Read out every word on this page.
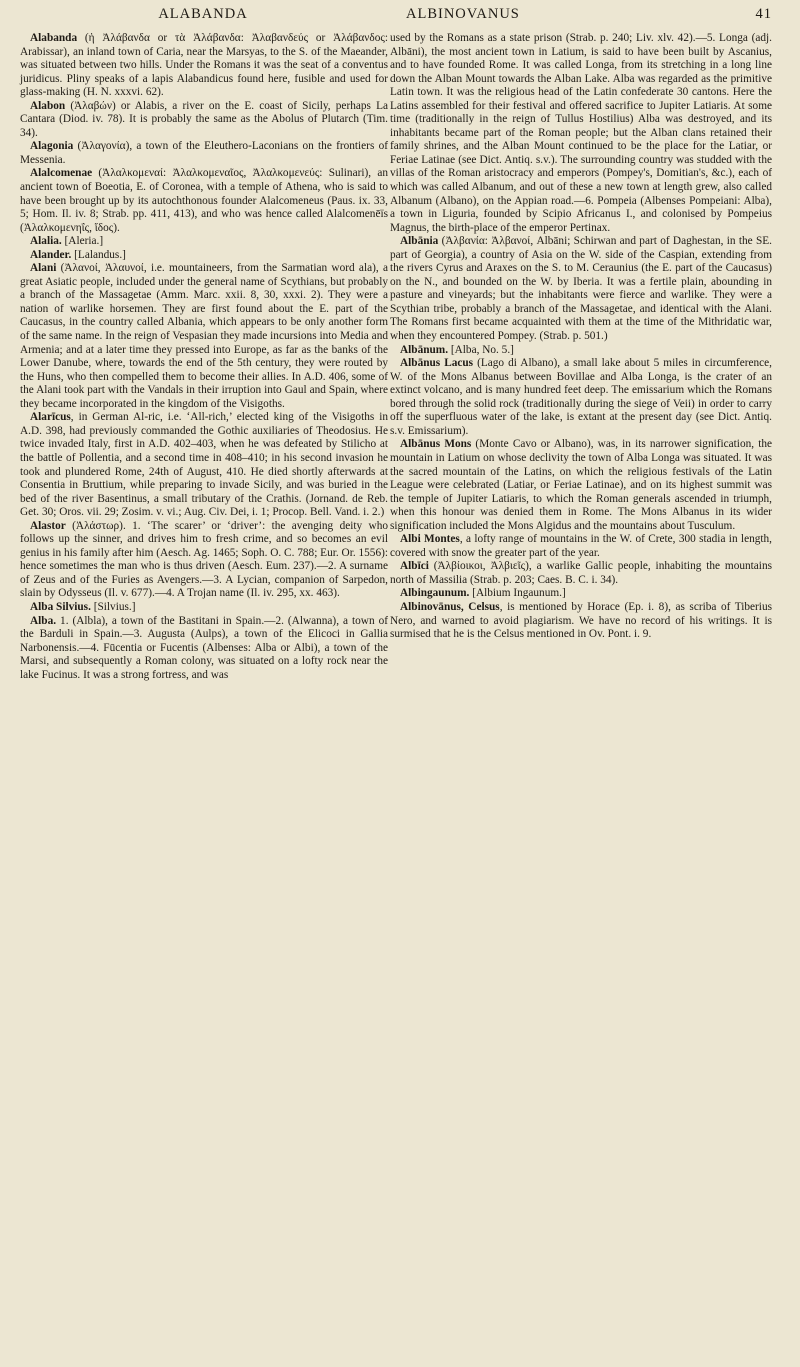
ALABANDA	ALBINOVANUS	41

Alabanda (ἡ Ἀλάβανδα or τὰ Ἀλάβανδα: Ἀλαβανδεύς or Ἀλάβανδος: Arabissar), an inland town of Caria, near the Marsyas, to the S. of the Maeander, was situated between two hills. Under the Romans it was the seat of a conventus juridicus. Pliny speaks of a lapis Alabandicus found here, fusible and used for glass-making (H. N. xxxvi. 62).

Alabon (Ἀλαβών) or Alabis, a river on the E. coast of Sicily, perhaps La Cantara (Diod. iv. 78). It is probably the same as the Abolus of Plutarch (Tim. 34).

Alagonia (Ἀλαγονία), a town of the Eleuthero-Laconians on the frontiers of Messenia.

Alalcomenae (Ἀλαλκομεναί: Ἀλαλκομεναῖος, Ἀλαλκομενεύς: Sulinari), an ancient town of Boeotia, E. of Coronea, with a temple of Athena, who is said to have been brought up by its autochthonous founder Alalcomeneus (Paus. ix. 33, 5; Hom. Il. iv. 8; Strab. pp. 411, 413), and who was hence called Alalcomenēïs (Ἀλαλκομενηΐς, ἴδος).

Alalia. [Aleria.]

Alander. [Lalandus.]

Alani (Ἀλανοί, Ἀλαυνοί, i.e. mountaineers, from the Sarmatian word ala), a great Asiatic people, included under the general name of Scythians, but probably a branch of the Massagetae (Amm. Marc. xxii. 8, 30, xxxi. 2). They were a nation of warlike horsemen. They are first found about the E. part of the Caucasus, in the country called Albania, which appears to be only another form of the same name. In the reign of Vespasian they made incursions into Media and Armenia; and at a later time they pressed into Europe, as far as the banks of the Lower Danube, where, towards the end of the 5th century, they were routed by the Huns, who then compelled them to become their allies. In A.D. 406, some of the Alani took part with the Vandals in their irruption into Gaul and Spain, where they became incorporated in the kingdom of the Visigoths.

Alarīcus, in German Al-ric, i.e. ‘All-rich,’ elected king of the Visigoths in A.D. 398, had previously commanded the Gothic auxiliaries of Theodosius. He twice invaded Italy, first in A.D. 402–403, when he was defeated by Stilicho at the battle of Pollentia, and a second time in 408–410; in his second invasion he took and plundered Rome, 24th of August, 410. He died shortly afterwards at Consentia in Bruttium, while preparing to invade Sicily, and was buried in the bed of the river Basentinus, a small tributary of the Crathis. (Jornand. de Reb. Get. 30; Oros. vii. 29; Zosim. v. vi.; Aug. Civ. Dei, i. 1; Procop. Bell. Vand. i. 2.)

Alastor (Ἀλάστωρ). 1. ‘The scarer’ or ‘driver’: the avenging deity who follows up the sinner, and drives him to fresh crime, and so becomes an evil genius in his family after him (Aesch. Ag. 1465; Soph. O. C. 788; Eur. Or. 1556): hence sometimes the man who is thus driven (Aesch. Eum. 237).—2. A surname of Zeus and of the Furies as Avengers.—3. A Lycian, companion of Sarpedon, slain by Odysseus (Il. v. 677).—4. A Trojan name (Il. iv. 295, xx. 463).

Alba Silvius. [Silvius.]

Alba. 1. (Albla), a town of the Bastitani in Spain.—2. (Alwanna), a town of the Barduli in Spain.—3. Augusta (Aulps), a town of the Elicoci in Gallia Narbonensis.—4. Fūcentia or Fucentis (Albenses: Alba or Albi), a town of the Marsi, and subsequently a Roman colony, was situated on a lofty rock near the lake Fucinus. It was a strong fortress, and was

used by the Romans as a state prison (Strab. p. 240; Liv. xlv. 42).—5. Longa (adj. Albāni), the most ancient town in Latium, is said to have been built by Ascanius, and to have founded Rome. It was called Longa, from its stretching in a long line down the Alban Mount towards the Alban Lake. Alba was regarded as the primitive Latin town. It was the religious head of the Latin confederate 30 cantons. Here the Latins assembled for their festival and offered sacrifice to Jupiter Latiaris. At some time (traditionally in the reign of Tullus Hostilius) Alba was destroyed, and its inhabitants became part of the Roman people; but the Alban clans retained their family shrines, and the Alban Mount continued to be the place for the Latiar, or Feriae Latinae (see Dict. Antiq. s.v.). The surrounding country was studded with the villas of the Roman aristocracy and emperors (Pompey's, Domitian's, &c.), each of which was called Albanum, and out of these a new town at length grew, also called Albanum (Albano), on the Appian road.—6. Pompeia (Albenses Pompeiani: Alba), a town in Liguria, founded by Scipio Africanus I., and colonised by Pompeius Magnus, the birth-place of the emperor Pertinax.

Albānia (Ἀλβανία: Ἀλβανοί, Albāni; Schirwan and part of Daghestan, in the SE. part of Georgia), a country of Asia on the W. side of the Caspian, extending from the rivers Cyrus and Araxes on the S. to M. Ceraunius (the E. part of the Caucasus) on the N., and bounded on the W. by Iberia. It was a fertile plain, abounding in pasture and vineyards; but the inhabitants were fierce and warlike. They were a Scythian tribe, probably a branch of the Massagetae, and identical with the Alani. The Romans first became acquainted with them at the time of the Mithridatic war, when they encountered Pompey. (Strab. p. 501.)

Albānum. [Alba, No. 5.]

Albānus Lacus (Lago di Albano), a small lake about 5 miles in circumference, W. of the Mons Albanus between Bovillae and Alba Longa, is the crater of an extinct volcano, and is many hundred feet deep. The emissarium which the Romans bored through the solid rock (traditionally during the siege of Veii) in order to carry off the superfluous water of the lake, is extant at the present day (see Dict. Antiq. s.v. Emissarium).

Albānus Mons (Monte Cavo or Albano), was, in its narrower signification, the mountain in Latium on whose declivity the town of Alba Longa was situated. It was the sacred mountain of the Latins, on which the religious festivals of the Latin League were celebrated (Latiar, or Feriae Latinae), and on its highest summit was the temple of Jupiter Latiaris, to which the Roman generals ascended in triumph, when this honour was denied them in Rome. The Mons Albanus in its wider signification included the Mons Algidus and the mountains about Tusculum.

Albi Montes, a lofty range of mountains in the W. of Crete, 300 stadia in length, covered with snow the greater part of the year.

Albīci (Ἀλβίοικοι, Ἀλβιεῖς), a warlike Gallic people, inhabiting the mountains north of Massilia (Strab. p. 203; Caes. B. C. i. 34).

Albingaunum. [Albium Ingaunum.]

Albinovānus, Celsus, is mentioned by Horace (Ep. i. 8), as scriba of Tiberius Nero, and warned to avoid plagiarism. We have no record of his writings. It is surmised that he is the Celsus mentioned in Ov. Pont. i. 9.
